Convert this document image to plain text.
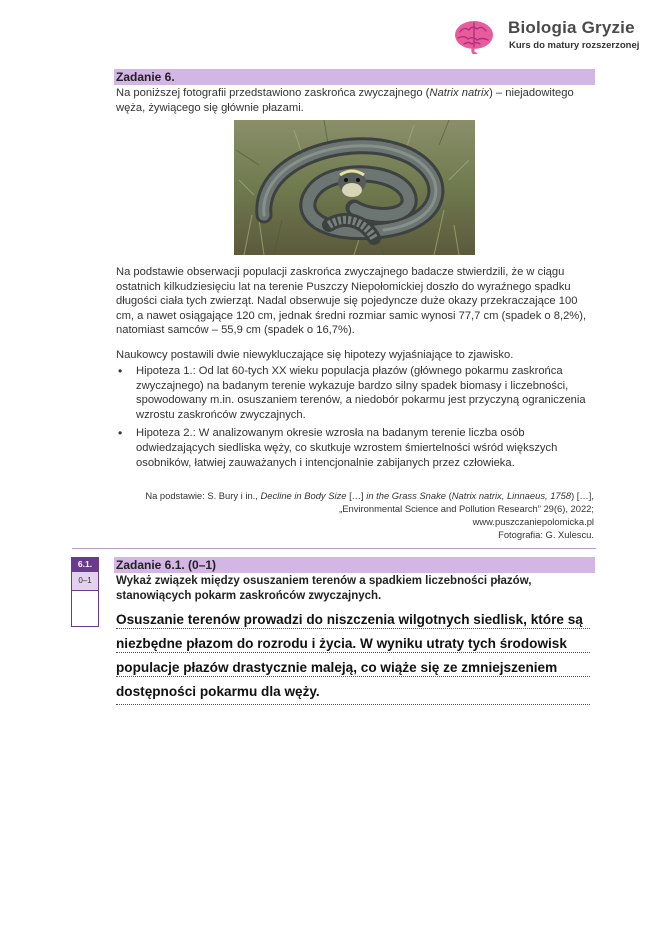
Biologia Gryzie
Kurs do matury rozszerzonej
Zadanie 6.
Na poniższej fotografii przedstawiono zaskrońca zwyczajnego (Natrix natrix) – niejadowitego węża, żywiącego się głównie płazami.
Na podstawie obserwacji populacji zaskrońca zwyczajnego badacze stwierdzili, że w ciągu ostatnich kilkudziesięciu lat na terenie Puszczy Niepołomickiej doszło do wyraźnego spadku długości ciała tych zwierząt. Nadal obserwuje się pojedyncze duże okazy przekraczające 100 cm, a nawet osiągające 120 cm, jednak średni rozmiar samic wynosi 77,7 cm (spadek o 8,2%), natomiast samców – 55,9 cm (spadek o 16,7%).
Naukowcy postawili dwie niewykluczające się hipotezy wyjaśniające to zjawisko.
• Hipoteza 1.: Od lat 60-tych XX wieku populacja płazów (głównego pokarmu zaskrońca zwyczajnego) na badanym terenie wykazuje bardzo silny spadek biomasy i liczebności, spowodowany m.in. osuszaniem terenów, a niedobór pokarmu jest przyczyną ograniczenia wzrostu zaskrońców zwyczajnych.
• Hipoteza 2.: W analizowanym okresie wzrosła na badanym terenie liczba osób odwiedzających siedliska węży, co skutkuje wzrostem śmiertelności wśród większych osobników, łatwiej zauważanych i intencjonalnie zabijanych przez człowieka.
Na podstawie: S. Bury i in., Decline in Body Size […] in the Grass Snake (Natrix natrix, Linnaeus, 1758) […],
„Environmental Science and Pollution Research” 29(6), 2022;
www.puszczaniepolomicka.pl
Fotografia: G. Xulescu.
6.1.
0–1
Zadanie 6.1. (0–1)
Wykaż związek między osuszaniem terenów a spadkiem liczebności płazów, stanowiących pokarm zaskrońców zwyczajnych.
Osuszanie terenów prowadzi do niszczenia wilgotnych siedlisk, które są niezbędne płazom do rozrodu i życia. W wyniku utraty tych środowisk populacje płazów drastycznie maleją, co wiąże się ze zmniejszeniem dostępności pokarmu dla węży.
